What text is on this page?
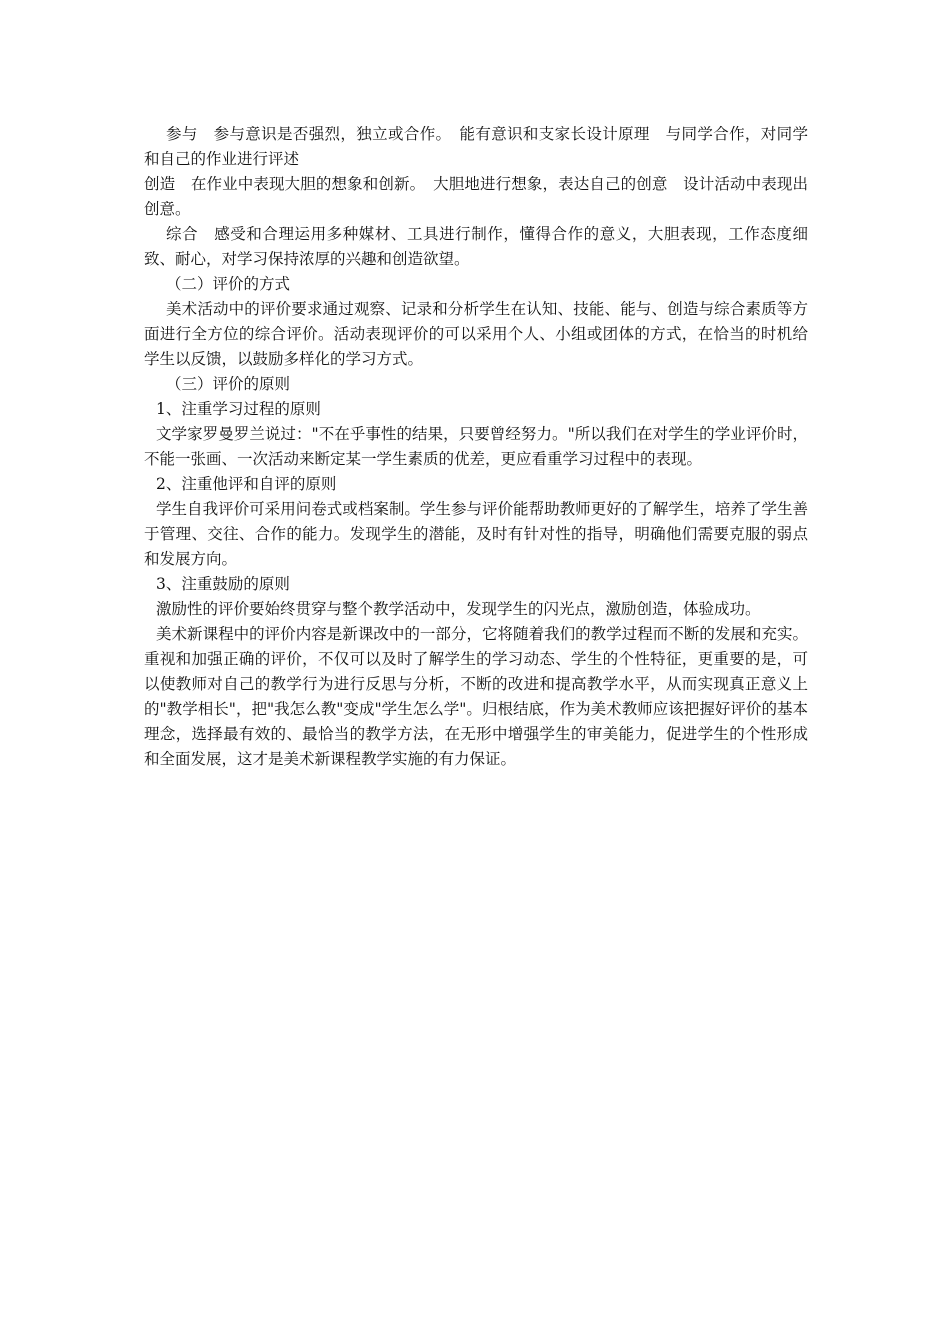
参与　参与意识是否强烈，独立或合作。　能有意识和支家长设计原理　与同学合作，对同学和自己的作业进行评述

创造　在作业中表现大胆的想象和创新。　大胆地进行想象，表达自己的创意　设计活动中表现出创意。

综合　感受和合理运用多种媒材、工具进行制作，懂得合作的意义，大胆表现，工作态度细致、耐心，对学习保持浓厚的兴趣和创造欲望。

（二）评价的方式

美术活动中的评价要求通过观察、记录和分析学生在认知、技能、能与、创造与综合素质等方面进行全方位的综合评价。活动表现评价的可以采用个人、小组或团体的方式，在恰当的时机给学生以反馈，以鼓励多样化的学习方式。

（三）评价的原则

1、注重学习过程的原则

文学家罗曼罗兰说过："不在乎事性的结果，只要曾经努力。"所以我们在对学生的学业评价时，不能一张画、一次活动来断定某一学生素质的优差，更应看重学习过程中的表现。

2、注重他评和自评的原则

学生自我评价可采用问卷式或档案制。学生参与评价能帮助教师更好的了解学生，培养了学生善于管理、交往、合作的能力。发现学生的潜能，及时有针对性的指导，明确他们需要克服的弱点和发展方向。

3、注重鼓励的原则

激励性的评价要始终贯穿与整个教学活动中，发现学生的闪光点，激励创造，体验成功。

美术新课程中的评价内容是新课改中的一部分，它将随着我们的教学过程而不断的发展和充实。重视和加强正确的评价，不仅可以及时了解学生的学习动态、学生的个性特征，更重要的是，可以使教师对自己的教学行为进行反思与分析，不断的改进和提高教学水平，从而实现真正意义上的"教学相长"，把"我怎么教"变成"学生怎么学"。归根结底，作为美术教师应该把握好评价的基本理念，选择最有效的、最恰当的教学方法，在无形中增强学生的审美能力，促进学生的个性形成和全面发展，这才是美术新课程教学实施的有力保证。
